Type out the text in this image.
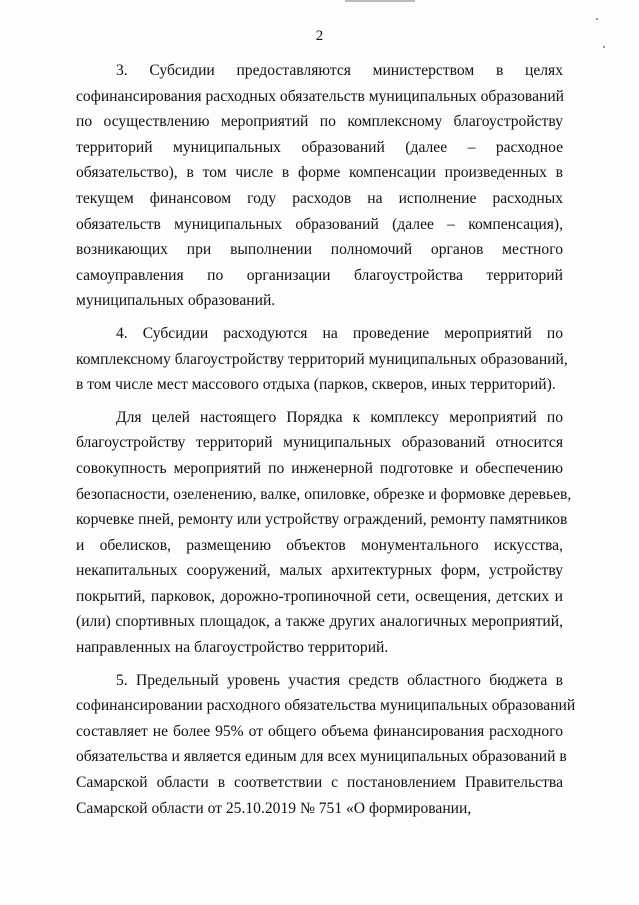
2
3. Субсидии предоставляются министерством в целях
софинансирования расходных обязательств муниципальных образований
по осуществлению мероприятий по комплексному благоустройству
территорий муниципальных образований (далее – расходное
обязательство), в том числе в форме компенсации произведенных в
текущем финансовом году расходов на исполнение расходных
обязательств муниципальных образований (далее – компенсация),
возникающих при выполнении полномочий органов местного
самоуправления по организации благоустройства территорий
муниципальных образований.
4. Субсидии расходуются на проведение мероприятий по
комплексному благоустройству территорий муниципальных образований,
в том числе мест массового отдыха (парков, скверов, иных территорий).
Для целей настоящего Порядка к комплексу мероприятий по
благоустройству территорий муниципальных образований относится
совокупность мероприятий по инженерной подготовке и обеспечению
безопасности, озеленению, валке, опиловке, обрезке и формовке деревьев,
корчевке пней, ремонту или устройству ограждений, ремонту памятников
и обелисков, размещению объектов монументального искусства,
некапитальных сооружений, малых архитектурных форм, устройству
покрытий, парковок, дорожно-тропиночной сети, освещения, детских и
(или) спортивных площадок, а также других аналогичных мероприятий,
направленных на благоустройство территорий.
5. Предельный уровень участия средств областного бюджета в
софинансировании расходного обязательства муниципальных образований
составляет не более 95% от общего объема финансирования расходного
обязательства и является единым для всех муниципальных образований в
Самарской области в соответствии с постановлением Правительства
Самарской области от 25.10.2019 № 751 «О формировании,
